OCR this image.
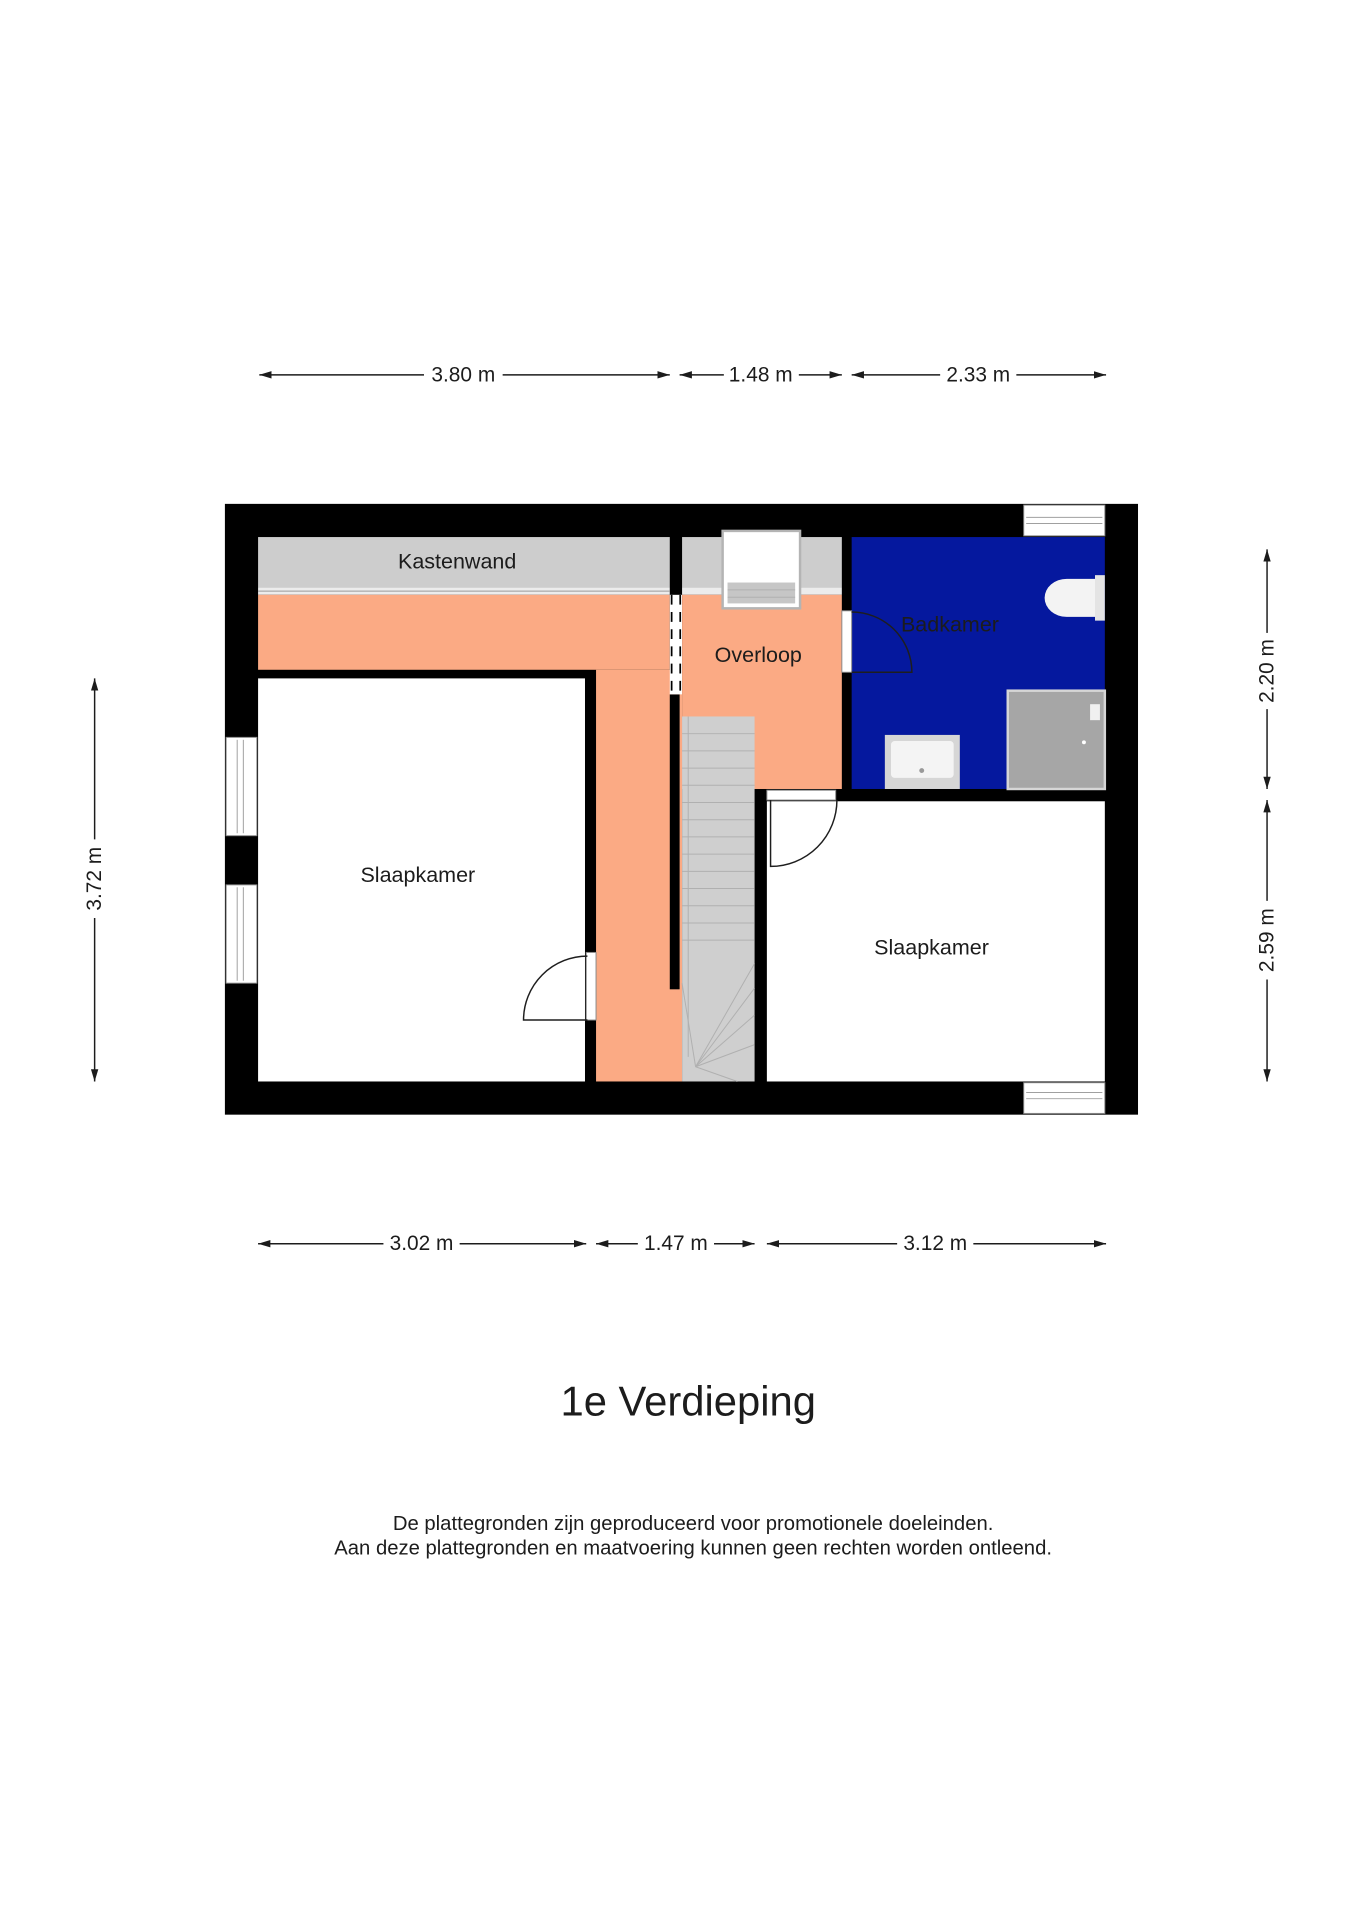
3.80 m	1.48 m	2.33 m
3.72 m
2.20 m
2.59 m
Kastenwand
Overloop
Badkamer
Slaapkamer
Slaapkamer
3.02 m	1.47 m	3.12 m
1e Verdieping
De plattegronden zijn geproduceerd voor promotionele doeleinden.
Aan deze plattegronden en maatvoering kunnen geen rechten worden ontleend.
